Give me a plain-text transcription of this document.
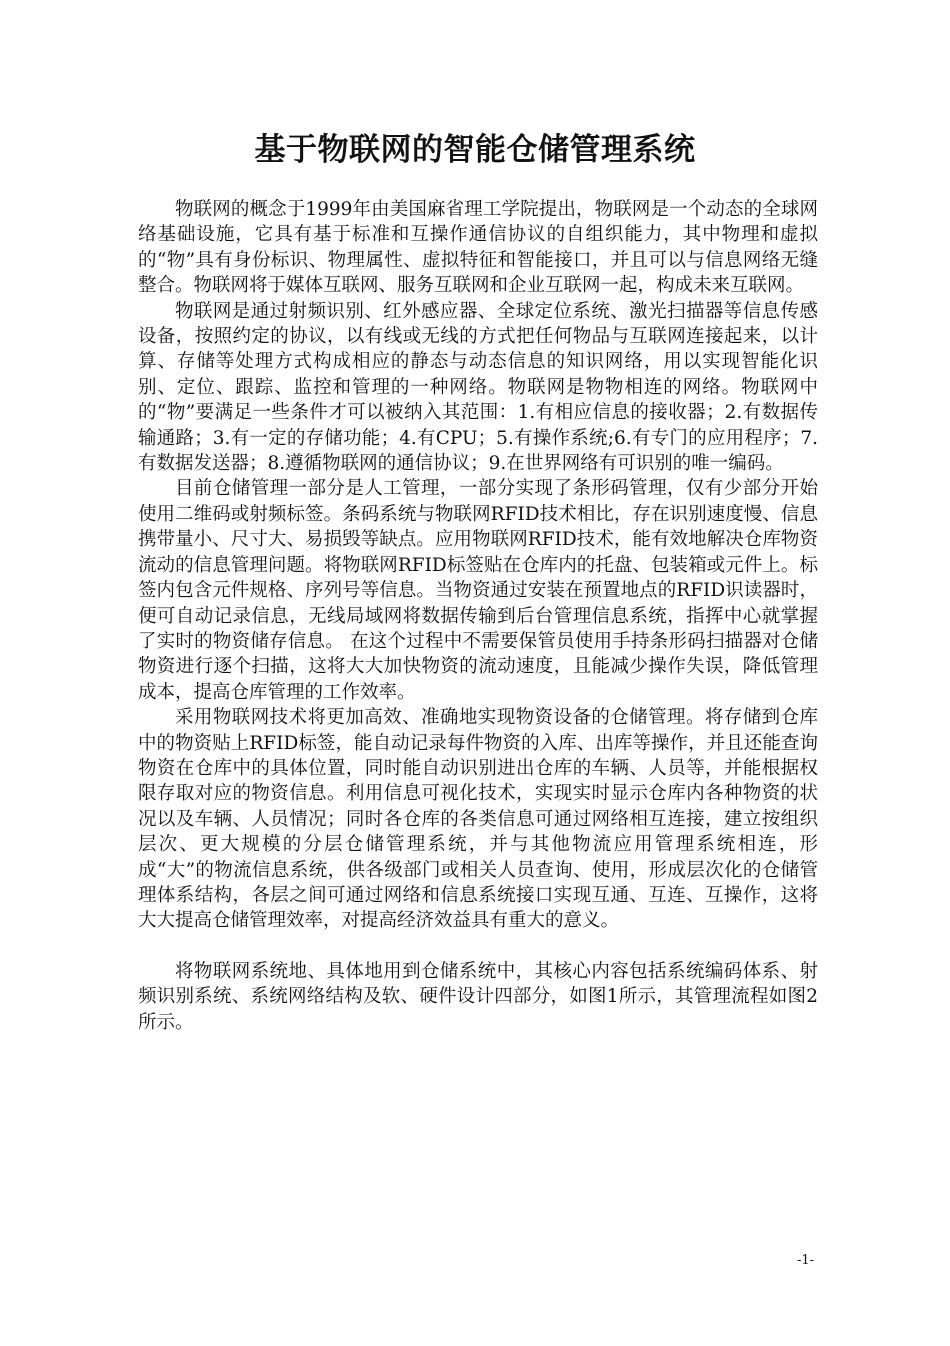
基于物联网的智能仓储管理系统

物联网的概念于1999年由美国麻省理工学院提出，物联网是一个动态的全球网络基础设施，它具有基于标准和互操作通信协议的自组织能力，其中物理和虚拟的“物”具有身份标识、物理属性、虚拟特征和智能接口，并且可以与信息网络无缝整合。物联网将于媒体互联网、服务互联网和企业互联网一起，构成未来互联网。

物联网是通过射频识别、红外感应器、全球定位系统、激光扫描器等信息传感设备，按照约定的协议，以有线或无线的方式把任何物品与互联网连接起来，以计算、存储等处理方式构成相应的静态与动态信息的知识网络，用以实现智能化识别、定位、跟踪、监控和管理的一种网络。物联网是物物相连的网络。物联网中的“物”要满足一些条件才可以被纳入其范围：1.有相应信息的接收器；2.有数据传输通路；3.有一定的存储功能；4.有CPU；5.有操作系统;6.有专门的应用程序；7.有数据发送器；8.遵循物联网的通信协议；9.在世界网络有可识别的唯一编码。

目前仓储管理一部分是人工管理，一部分实现了条形码管理，仅有少部分开始使用二维码或射频标签。条码系统与物联网RFID技术相比，存在识别速度慢、信息携带量小、尺寸大、易损毁等缺点。应用物联网RFID技术，能有效地解决仓库物资流动的信息管理问题。将物联网RFID标签贴在仓库内的托盘、包装箱或元件上。标签内包含元件规格、序列号等信息。当物资通过安装在预置地点的RFID识读器时，便可自动记录信息，无线局域网将数据传输到后台管理信息系统，指挥中心就掌握了实时的物资储存信息。 在这个过程中不需要保管员使用手持条形码扫描器对仓储物资进行逐个扫描，这将大大加快物资的流动速度，且能减少操作失误，降低管理成本，提高仓库管理的工作效率。

采用物联网技术将更加高效、准确地实现物资设备的仓储管理。将存储到仓库中的物资贴上RFID标签，能自动记录每件物资的入库、出库等操作，并且还能查询物资在仓库中的具体位置，同时能自动识别进出仓库的车辆、人员等，并能根据权限存取对应的物资信息。利用信息可视化技术，实现实时显示仓库内各种物资的状况以及车辆、人员情况；同时各仓库的各类信息可通过网络相互连接，建立按组织层次、更大规模的分层仓储管理系统，并与其他物流应用管理系统相连，形成“大”的物流信息系统，供各级部门或相关人员查询、使用，形成层次化的仓储管理体系结构，各层之间可通过网络和信息系统接口实现互通、互连、互操作，这将大大提高仓储管理效率，对提高经济效益具有重大的意义。

将物联网系统地、具体地用到仓储系统中，其核心内容包括系统编码体系、射频识别系统、系统网络结构及软、硬件设计四部分，如图1所示，其管理流程如图2 所示。

-1-
